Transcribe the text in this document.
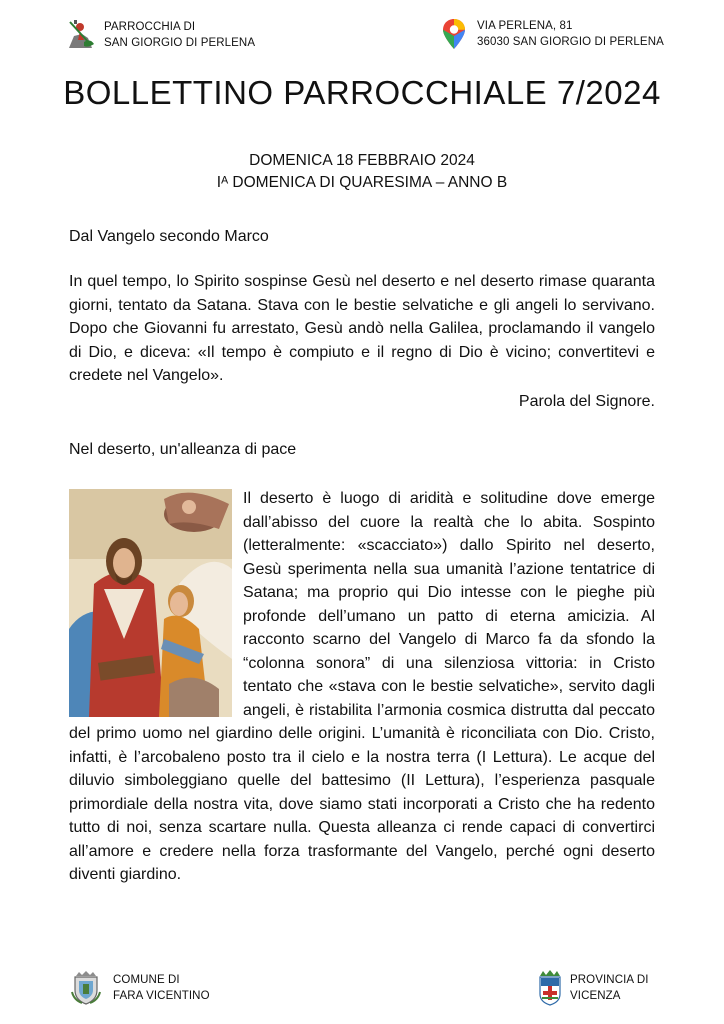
PARROCCHIA DI
SAN GIORGIO DI PERLENA
VIA PERLENA, 81
36030 SAN GIORGIO DI PERLENA
BOLLETTINO PARROCCHIALE 7/2024
DOMENICA 18 FEBBRAIO 2024
Iᴬ DOMENICA DI QUARESIMA – ANNO B
Dal Vangelo secondo Marco
In quel tempo, lo Spirito sospinse Gesù nel deserto e nel deserto rimase quaranta giorni, tentato da Satana. Stava con le bestie selvatiche e gli angeli lo servivano. Dopo che Giovanni fu arrestato, Gesù andò nella Galilea, proclamando il vangelo di Dio, e diceva: «Il tempo è compiuto e il regno di Dio è vicino; convertitevi e credete nel Vangelo».
Parola del Signore.
Nel deserto, un'alleanza di pace
Il deserto è luogo di aridità e solitudine dove emerge dall’abisso del cuore la realtà che lo abita. Sospinto (letteralmente: «scacciato») dallo Spirito nel deserto, Gesù sperimenta nella sua umanità l’azione tentatrice di Satana; ma proprio qui Dio intesse con le pieghe più profonde dell’umano un patto di eterna amicizia. Al racconto scarno del Vangelo di Marco fa da sfondo la “colonna sonora” di una silenziosa vittoria: in Cristo tentato che «stava con le bestie selvatiche», servito dagli angeli, è ristabilita l’armonia cosmica distrutta dal peccato del primo uomo nel giardino delle origini. L’umanità è riconciliata con Dio. Cristo, infatti, è l’arcobaleno posto tra il cielo e la nostra terra (I Lettura). Le acque del diluvio simboleggiano quelle del battesimo (II Lettura), l’esperienza pasquale primordiale della nostra vita, dove siamo stati incorporati a Cristo che ha redento tutto di noi, senza scartare nulla. Questa alleanza ci rende capaci di convertirci all’amore e credere nella forza trasformante del Vangelo, perché ogni deserto diventi giardino.
COMUNE DI
FARA VICENTINO
PROVINCIA DI
VICENZA
